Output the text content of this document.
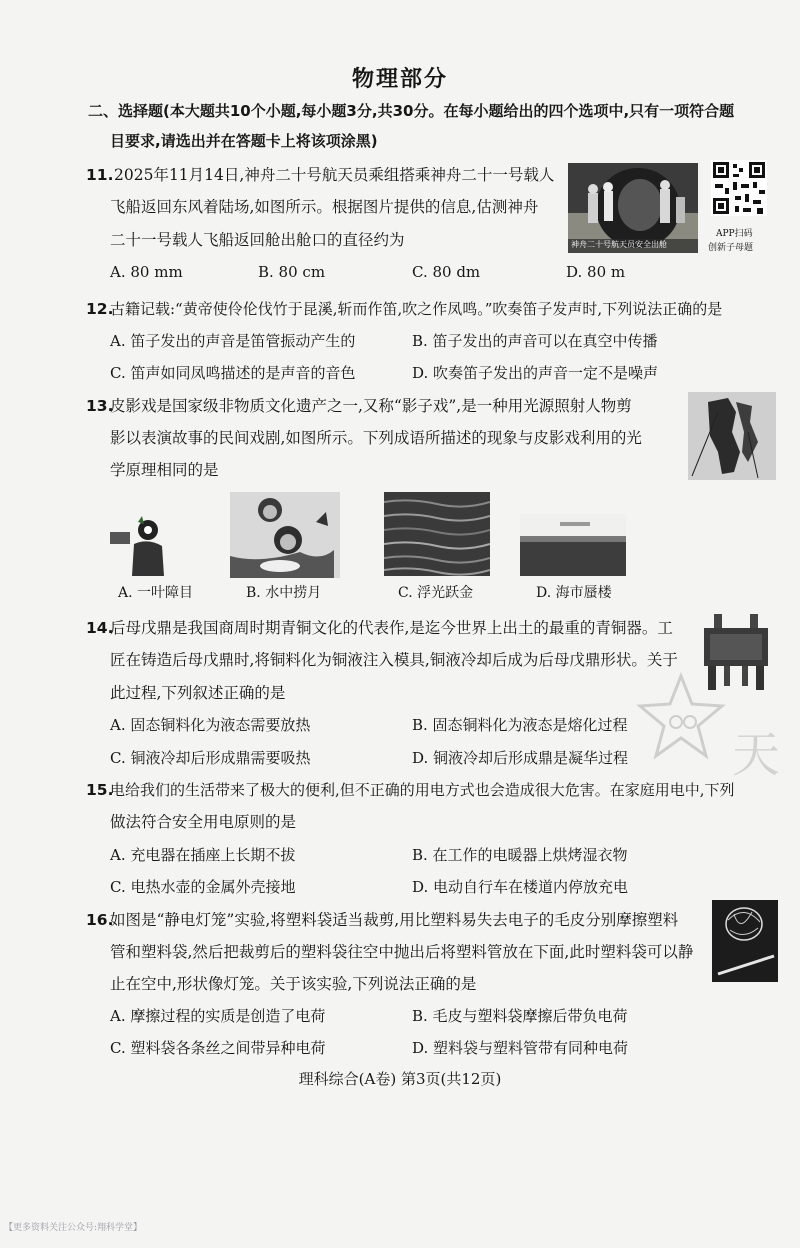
物理部分
二、选择题(本大题共10个小题,每小题3分,共30分。在每小题给出的四个选项中,只有一项符合题
目要求,请选出并在答题卡上将该项涂黑)
11. 2025年11月14日,神舟二十号航天员乘组搭乘神舟二十一号载人
飞船返回东风着陆场,如图所示。根据图片提供的信息,估测神舟
二十一号载人飞船返回舱出舱口的直径约为	神舟二十号航天员安全出舱
APP扫码
创新子母题
A. 80 mm	B. 80 cm	C. 80 dm	D. 80 m
12.
古籍记载:“黄帝使伶伦伐竹于昆溪,斩而作笛,吹之作凤鸣。”吹奏笛子发声时,下列说法正确的是
A. 笛子发出的声音是笛管振动产生的	B. 笛子发出的声音可以在真空中传播
C. 笛声如同凤鸣描述的是声音的音色	D. 吹奏笛子发出的声音一定不是噪声
13.
皮影戏是国家级非物质文化遗产之一,又称“影子戏”,是一种用光源照射人物剪
影以表演故事的民间戏剧,如图所示。下列成语所描述的现象与皮影戏利用的光
学原理相同的是
A. 一叶障目	B. 水中捞月	C. 浮光跃金	D. 海市蜃楼
14.
后母戊鼎是我国商周时期青铜文化的代表作,是迄今世界上出土的最重的青铜器。工
匠在铸造后母戊鼎时,将铜料化为铜液注入模具,铜液冷却后成为后母戊鼎形状。关于
此过程,下列叙述正确的是
天
A. 固态铜料化为液态需要放热	B. 固态铜料化为液态是熔化过程
C. 铜液冷却后形成鼎需要吸热	D. 铜液冷却后形成鼎是凝华过程
15.
电给我们的生活带来了极大的便利,但不正确的用电方式也会造成很大危害。在家庭用电中,下列
做法符合安全用电原则的是
A. 充电器在插座上长期不拔	B. 在工作的电暖器上烘烤湿衣物
C. 电热水壶的金属外壳接地	D. 电动自行车在楼道内停放充电
16.
如图是“静电灯笼”实验,将塑料袋适当裁剪,用比塑料易失去电子的毛皮分别摩擦塑料
管和塑料袋,然后把裁剪后的塑料袋往空中抛出后将塑料管放在下面,此时塑料袋可以静
止在空中,形状像灯笼。关于该实验,下列说法正确的是
A. 摩擦过程的实质是创造了电荷	B. 毛皮与塑料袋摩擦后带负电荷
C. 塑料袋各条丝之间带异种电荷	D. 塑料袋与塑料管带有同种电荷
理科综合(A卷) 第3页(共12页)
【更多资料关注公众号:翔科学堂】
